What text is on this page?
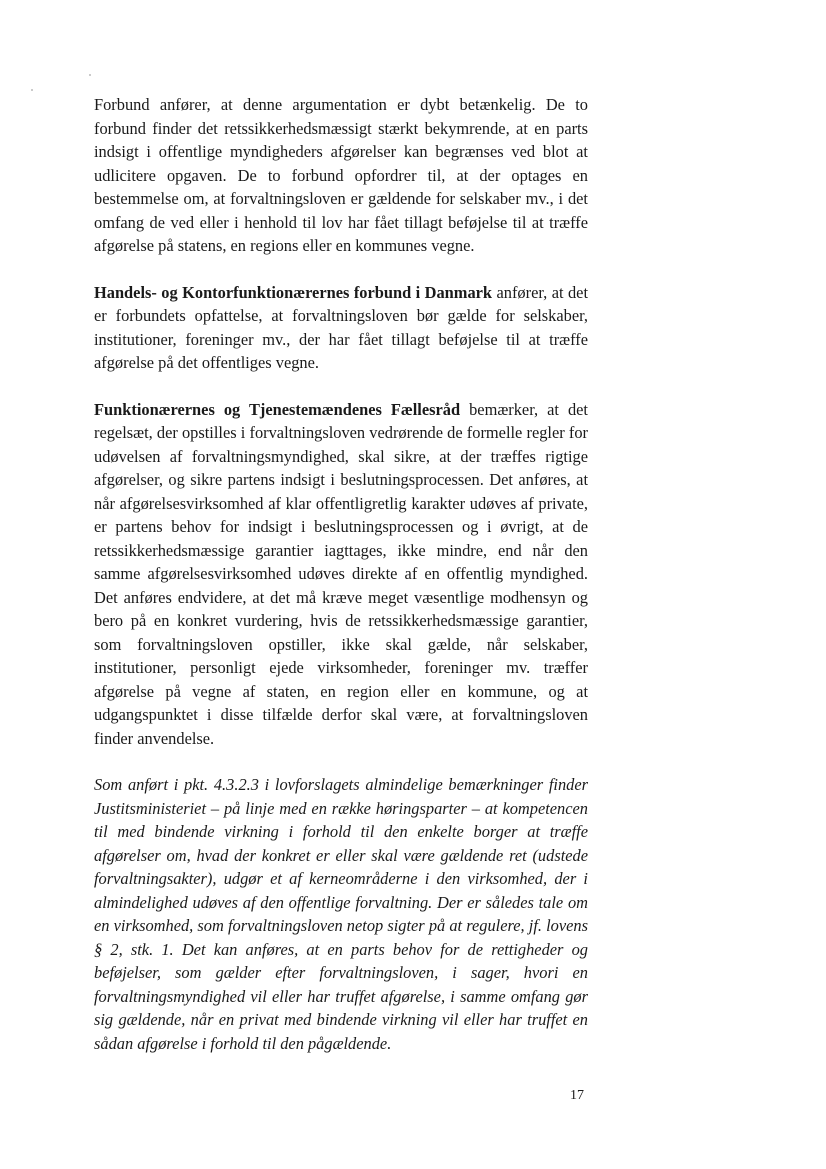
Forbund anfører, at denne argumentation er dybt betænkelig. De to forbund finder det retssikkerhedsmæssigt stærkt bekymrende, at en parts indsigt i offentlige myndigheders afgørelser kan begrænses ved blot at udlicitere opgaven. De to forbund opfordrer til, at der optages en bestemmelse om, at forvaltningsloven er gældende for selskaber mv., i det omfang de ved eller i henhold til lov har fået tillagt beføjelse til at træffe afgørelse på statens, en regions eller en kommunes vegne.

Handels- og Kontorfunktionærernes forbund i Danmark anfører, at det er forbundets opfattelse, at forvaltningsloven bør gælde for selskaber, institutioner, foreninger mv., der har fået tillagt beføjelse til at træffe afgørelse på det offentliges vegne.

Funktionærernes og Tjenestemændenes Fællesråd bemærker, at det regelsæt, der opstilles i forvaltningsloven vedrørende de formelle regler for udøvelsen af forvaltningsmyndighed, skal sikre, at der træffes rigtige afgørelser, og sikre partens indsigt i beslutningsprocessen. Det anføres, at når afgørelsesvirksomhed af klar offentligretlig karakter udøves af private, er partens behov for indsigt i beslutningsprocessen og i øvrigt, at de retssikkerhedsmæssige garantier iagttages, ikke mindre, end når den samme afgørelsesvirksomhed udøves direkte af en offentlig myndighed. Det anføres endvidere, at det må kræve meget væsentlige modhensyn og bero på en konkret vurdering, hvis de retssikkerhedsmæssige garantier, som forvaltningsloven opstiller, ikke skal gælde, når selskaber, institutioner, personligt ejede virksomheder, foreninger mv. træffer afgørelse på vegne af staten, en region eller en kommune, og at udgangspunktet i disse tilfælde derfor skal være, at forvaltningsloven finder anvendelse.

Som anført i pkt. 4.3.2.3 i lovforslagets almindelige bemærkninger finder Justitsministeriet – på linje med en række høringsparter – at kompetencen til med bindende virkning i forhold til den enkelte borger at træffe afgørelser om, hvad der konkret er eller skal være gældende ret (udstede forvaltningsakter), udgør et af kerneområderne i den virksomhed, der i almindelighed udøves af den offentlige forvaltning. Der er således tale om en virksomhed, som forvaltningsloven netop sigter på at regulere, jf. lovens § 2, stk. 1. Det kan anføres, at en parts behov for de rettigheder og beføjelser, som gælder efter forvaltningsloven, i sager, hvori en forvaltningsmyndighed vil eller har truffet afgørelse, i samme omfang gør sig gældende, når en privat med bindende virkning vil eller har truffet en sådan afgørelse i forhold til den pågældende.

17
